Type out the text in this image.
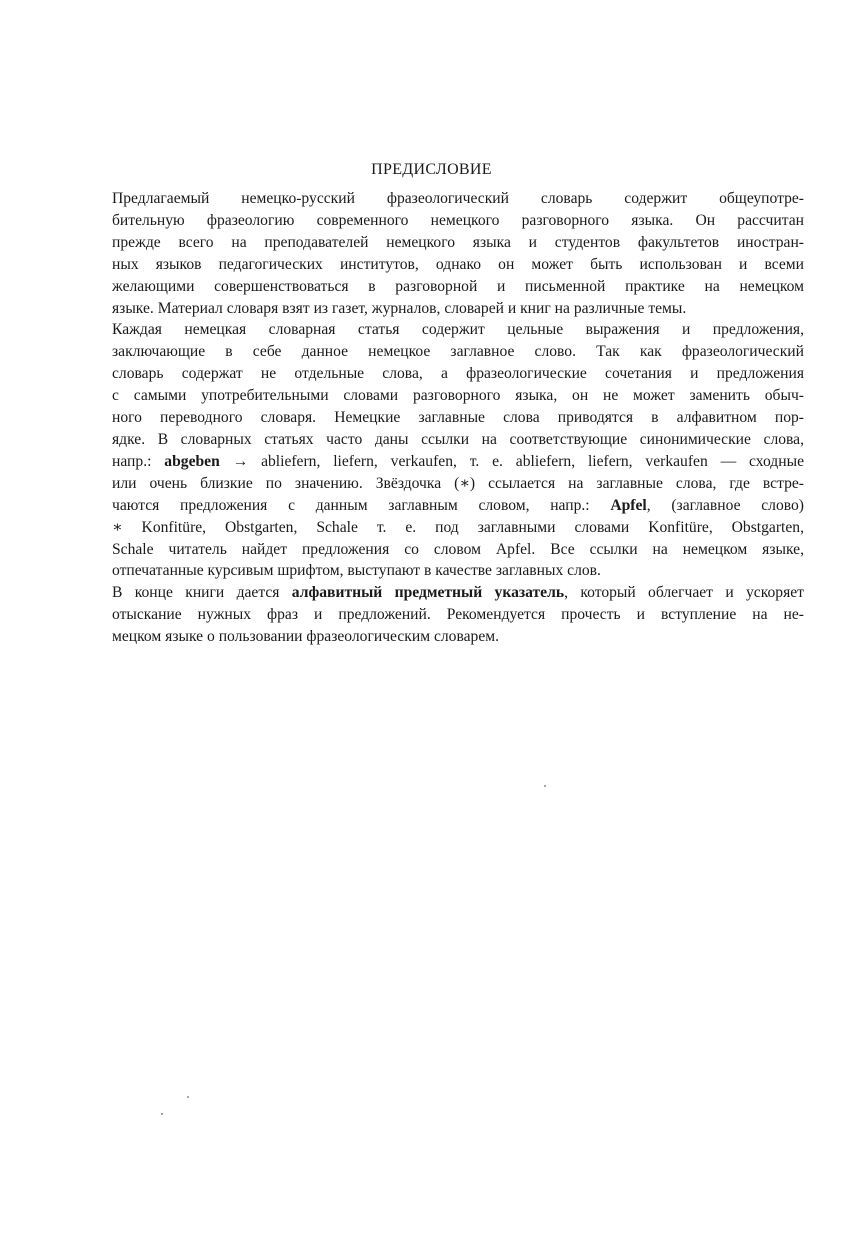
ПРЕДИСЛОВИЕ
Предлагаемый немецко-русский фразеологический словарь содержит общеупотре-
бительную фразеологию современного немецкого разговорного языка. Он рассчитан
прежде всего на преподавателей немецкого языка и студентов факультетов иностран-
ных языков педагогических институтов, однако он может быть использован и всеми
желающими совершенствоваться в разговорной и письменной практике на немецком
языке. Материал словаря взят из газет, журналов, словарей и книг на различные темы.
Каждая немецкая словарная статья содержит цельные выражения и предложения,
заключающие в себе данное немецкое заглавное слово. Так как фразеологический
словарь содержат не отдельные слова, а фразеологические сочетания и предложения
с самыми употребительными словами разговорного языка, он не может заменить обыч-
ного переводного словаря. Немецкие заглавные слова приводятся в алфавитном пор-
ядке. В словарных статьях часто даны ссылки на соответствующие синонимические слова,
напр.: abgeben → abliefern, liefern, verkaufen, т. е. abliefern, liefern, verkaufen — сходные
или очень близкие по значению. Звёздочка (∗) ссылается на заглавные слова, где встре-
чаются предложения с данным заглавным словом, напр.: Apfel, (заглавное слово)
∗ Konfitüre, Obstgarten, Schale т. е. под заглавными словами Konfitüre, Obstgarten,
Schale читатель найдет предложения со словом Apfel. Все ссылки на немецком языке,
отпечатанные курсивым шрифтом, выступают в качестве заглавных слов.
В конце книги дается алфавитный предметный указатель, который облегчает и ускоряет
отыскание нужных фраз и предложений. Рекомендуется прочесть и вступление на не-
мецком языке о пользовании фразеологическим словарем.
